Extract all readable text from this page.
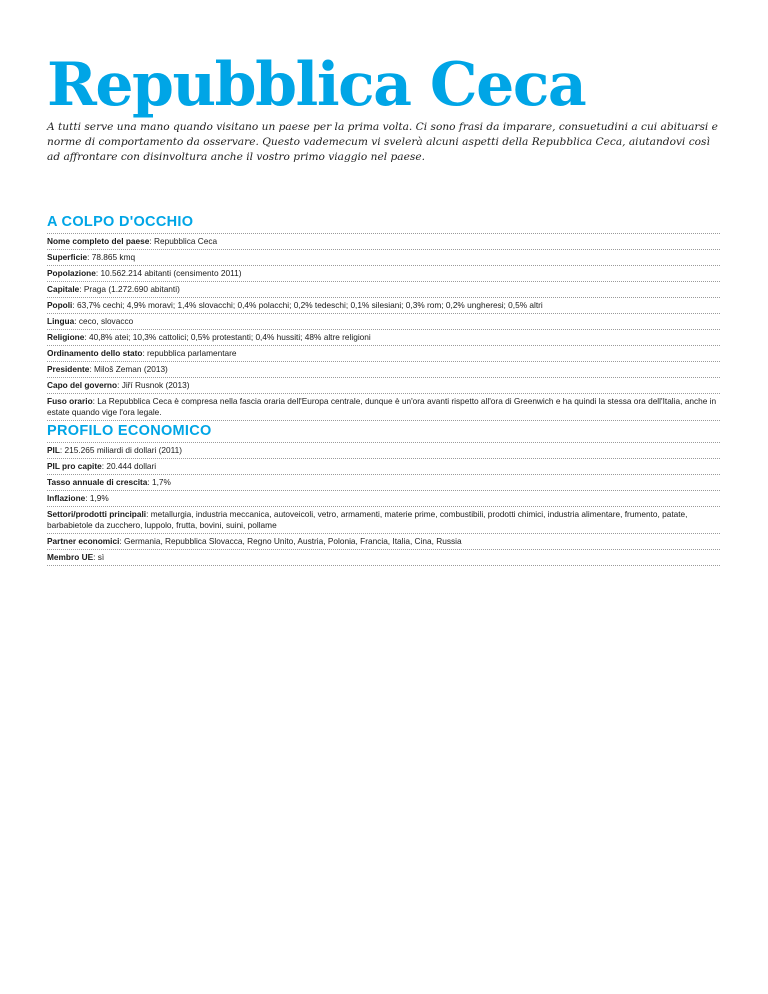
Repubblica Ceca

A tutti serve una mano quando visitano un paese per la prima volta. Ci sono frasi da imparare, consuetudini a cui abituarsi e norme di comportamento da osservare. Questo vademecum vi svelerà alcuni aspetti della Repubblica Ceca, aiutandovi così ad affrontare con disinvoltura anche il vostro primo viaggio nel paese.

A COLPO D'OCCHIO
Nome completo del paese: Repubblica Ceca
Superficie: 78.865 kmq
Popolazione: 10.562.214 abitanti (censimento 2011)
Capitale: Praga (1.272.690 abitanti)
Popoli: 63,7% cechi; 4,9% moravi; 1,4% slovacchi; 0,4% polacchi; 0,2% tedeschi; 0,1% silesiani; 0,3% rom; 0,2% ungheresi; 0,5% altri
Lingua: ceco, slovacco
Religione: 40,8% atei; 10,3% cattolici; 0,5% protestanti; 0,4% hussiti; 48% altre religioni
Ordinamento dello stato: repubblica parlamentare
Presidente: Miloš Zeman (2013)
Capo del governo: Jiří Rusnok (2013)
Fuso orario: La Repubblica Ceca è compresa nella fascia oraria dell'Europa centrale, dunque è un'ora avanti rispetto all'ora di Greenwich e ha quindi la stessa ora dell'Italia, anche in estate quando vige l'ora legale.
PROFILO ECONOMICO
PIL: 215.265 miliardi di dollari (2011)
PIL pro capite: 20.444 dollari
Tasso annuale di crescita: 1,7%
Inflazione: 1,9%
Settori/prodotti principali: metallurgia, industria meccanica, autoveicoli, vetro, armamenti, materie prime, combustibili, prodotti chimici, industria alimentare, frumento, patate, barbabietole da zucchero, luppolo, frutta, bovini, suini, pollame
Partner economici: Germania, Repubblica Slovacca, Regno Unito, Austria, Polonia, Francia, Italia, Cina, Russia
Membro UE: sì
